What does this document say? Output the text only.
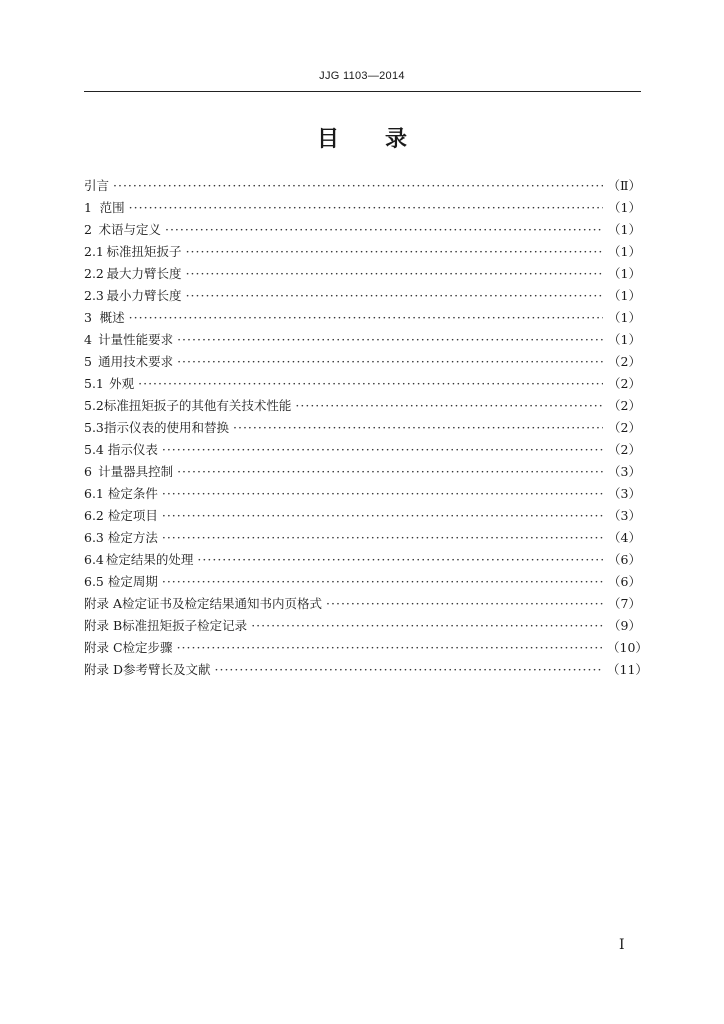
JJG 1103—2014
目 录
引言 ·····	（Ⅱ）
1 范围 ·····	（1）
2 术语与定义 ·····	（1）
2.1 标准扭矩扳子 ·····	（1）
2.2 最大力臂长度 ·····	（1）
2.3 最小力臂长度 ·····	（1）
3 概述 ·····	（1）
4 计量性能要求 ·····	（1）
5 通用技术要求 ·····	（2）
5.1 外观 ·····	（2）
5.2 标准扭矩扳子的其他有关技术性能 ·····	（2）
5.3 指示仪表的使用和替换 ·····	（2）
5.4 指示仪表 ·····	（2）
6 计量器具控制 ·····	（3）
6.1 检定条件 ·····	（3）
6.2 检定项目 ·····	（3）
6.3 检定方法 ·····	（4）
6.4 检定结果的处理 ·····	（6）
6.5 检定周期 ·····	（6）
附录 A 检定证书及检定结果通知书内页格式 ·····	（7）
附录 B 标准扭矩扳子检定记录 ·····	（9）
附录 C 检定步骤 ·····	（10）
附录 D 参考臂长及文献 ·····	（11）
I
